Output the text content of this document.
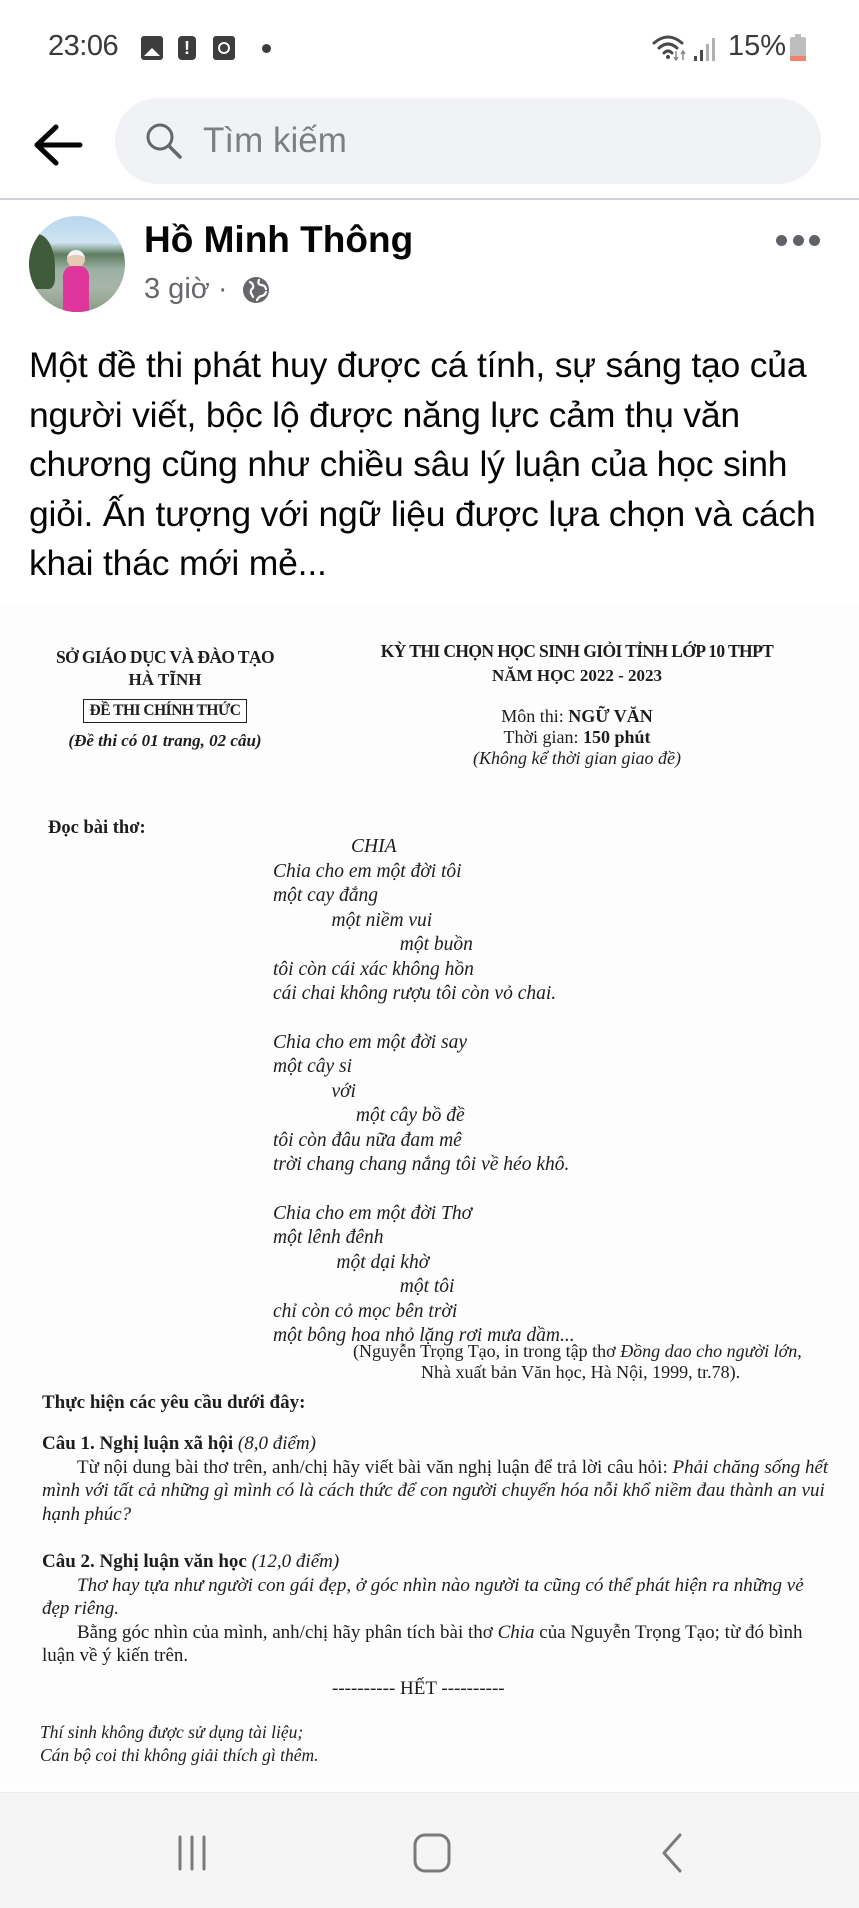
23:06 !	15%
Tìm kiếm
Hồ Minh Thông
3 giờ ·
Một đề thi phát huy được cá tính, sự sáng tạo của người viết, bộc lộ được năng lực cảm thụ văn chương cũng như chiều sâu lý luận của học sinh giỏi. Ấn tượng với ngữ liệu được lựa chọn và cách khai thác mới mẻ...
SỞ GIÁO DỤC VÀ ĐÀO TẠO
HÀ TĨNH
ĐỀ THI CHÍNH THỨC
(Đề thi có 01 trang, 02 câu)
KỲ THI CHỌN HỌC SINH GIỎI TỈNH LỚP 10 THPT
NĂM HỌC 2022 - 2023
Môn thi: NGỮ VĂN
Thời gian: 150 phút
(Không kể thời gian giao đề)
Đọc bài thơ:
CHIA
Chia cho em một đời tôi
một cay đắng
một niềm vui
một buồn
tôi còn cái xác không hồn
cái chai không rượu tôi còn vỏ chai.
Chia cho em một đời say
một cây si
với
một cây bồ đề
tôi còn đâu nữa đam mê
trời chang chang nắng tôi về héo khô.
Chia cho em một đời Thơ
một lênh đênh
một dại khờ
một tôi
chỉ còn cỏ mọc bên trời
một bông hoa nhỏ lặng rơi mưa dầm...
(Nguyễn Trọng Tạo, in trong tập thơ Đồng dao cho người lớn,
Nhà xuất bản Văn học, Hà Nội, 1999, tr.78).
Thực hiện các yêu cầu dưới đây:
Câu 1. Nghị luận xã hội (8,0 điểm)
Từ nội dung bài thơ trên, anh/chị hãy viết bài văn nghị luận để trả lời câu hỏi: Phải chăng sống hết mình với tất cả những gì mình có là cách thức để con người chuyển hóa nỗi khổ niềm đau thành an vui hạnh phúc?
Câu 2. Nghị luận văn học (12,0 điểm)
Thơ hay tựa như người con gái đẹp, ở góc nhìn nào người ta cũng có thể phát hiện ra những vẻ đẹp riêng.
Bằng góc nhìn của mình, anh/chị hãy phân tích bài thơ Chia của Nguyễn Trọng Tạo; từ đó bình luận về ý kiến trên.
---------- HẾT ----------
Thí sinh không được sử dụng tài liệu;
Cán bộ coi thi không giải thích gì thêm.
